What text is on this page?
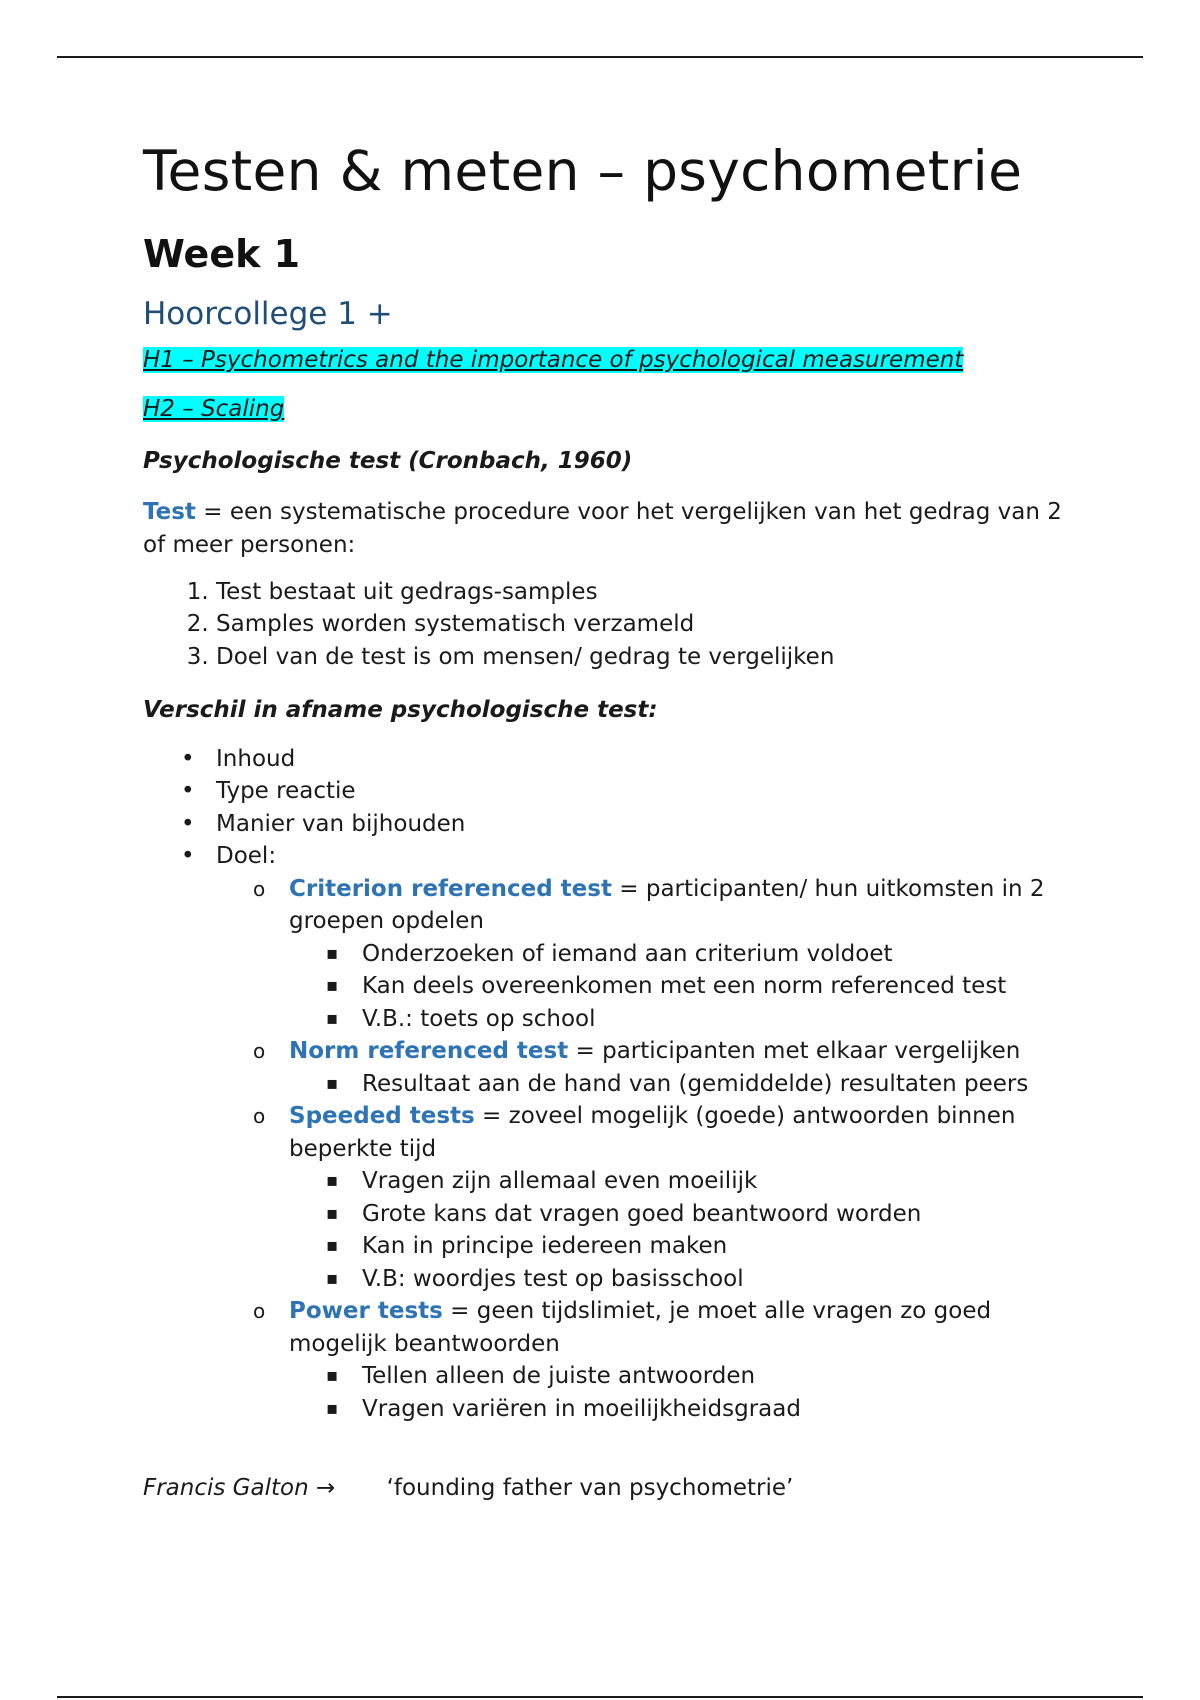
Testen & meten – psychometrie
Week 1
Hoorcollege 1 +
H1 – Psychometrics and the importance of psychological measurement
H2 – Scaling
Psychologische test (Cronbach, 1960)

Test = een systematische procedure voor het vergelijken van het gedrag van 2 of meer personen:

1. Test bestaat uit gedrags-samples
2. Samples worden systematisch verzameld
3. Doel van de test is om mensen/ gedrag te vergelijken
Verschil in afname psychologische test:
• Inhoud
• Type reactie
• Manier van bijhouden
• Doel:
o Criterion referenced test = participanten/ hun uitkomsten in 2 groepen opdelen
▪ Onderzoeken of iemand aan criterium voldoet
▪ Kan deels overeenkomen met een norm referenced test
▪ V.B.: toets op school
o Norm referenced test = participanten met elkaar vergelijken
▪ Resultaat aan de hand van (gemiddelde) resultaten peers
o Speeded tests = zoveel mogelijk (goede) antwoorden binnen beperkte tijd
▪ Vragen zijn allemaal even moeilijk
▪ Grote kans dat vragen goed beantwoord worden
▪ Kan in principe iedereen maken
▪ V.B: woordjes test op basisschool
o Power tests = geen tijdslimiet, je moet alle vragen zo goed mogelijk beantwoorden
▪ Tellen alleen de juiste antwoorden
▪ Vragen variëren in moeilijkheidsgraad
Francis Galton → ‘founding father van psychometrie’
